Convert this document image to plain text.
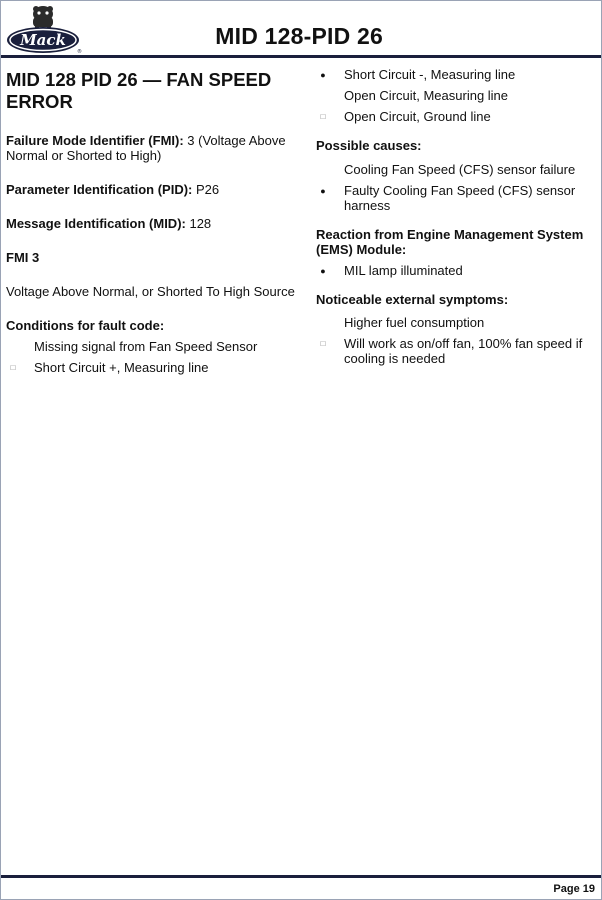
Mack
®
MID 128-PID 26
MID 128 PID 26 — FAN SPEED ERROR

Failure Mode Identifier (FMI): 3 (Voltage Above Normal or Shorted to High)

Parameter Identification (PID): P26

Message Identification (MID): 128

FMI 3

Voltage Above Normal, or Shorted To High Source

Conditions for fault code:

Missing signal from Fan Speed Sensor
□
Short Circuit +, Measuring line
●
Short Circuit -, Measuring line
Open Circuit, Measuring line
□
Open Circuit, Ground line

Possible causes:

Cooling Fan Speed (CFS) sensor failure
●
Faulty Cooling Fan Speed (CFS) sensor harness

Reaction from Engine Management System (EMS) Module:

●
MIL lamp illuminated

Noticeable external symptoms:

Higher fuel consumption
□
Will work as on/off fan, 100% fan speed if cooling is needed
Page 19
